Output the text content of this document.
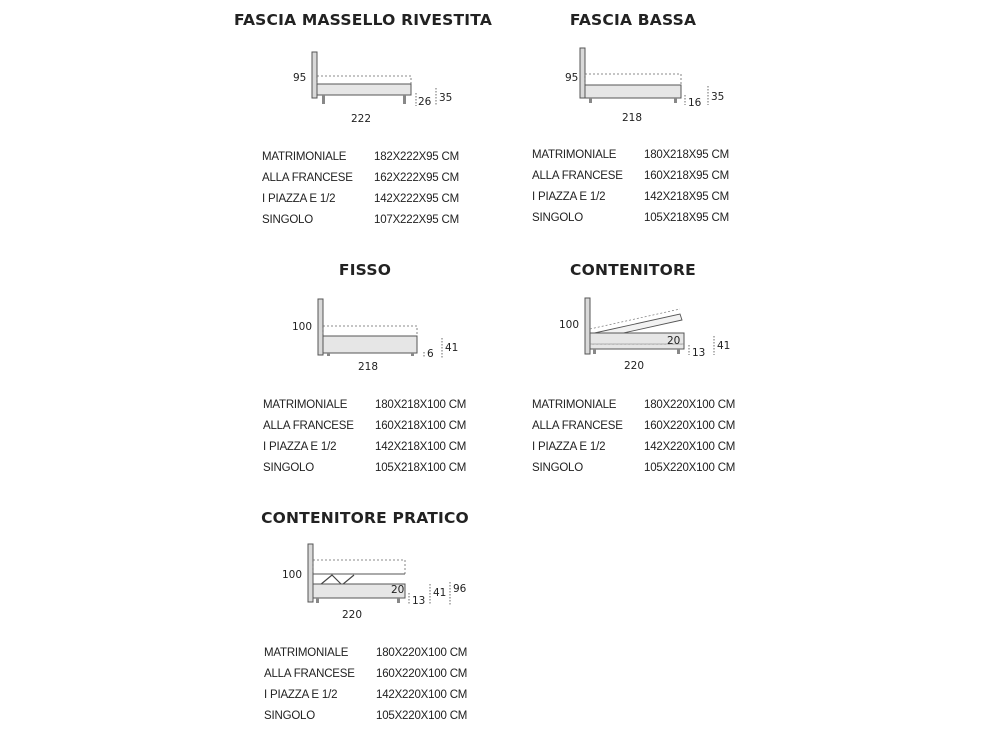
FASCIA MASSELLO RIVESTITA
95
222
26 35
MATRIMONIALE 182X222X95 CM
ALLA FRANCESE 162X222X95 CM
I PIAZZA E 1/2	142X222X95 CM
SINGOLO	107X222X95 CM
FASCIA BASSA
95
218
16 35
MATRIMONIALE 180X218X95 CM
ALLA FRANCESE 160X218X95 CM
I PIAZZA E 1/2	142X218X95 CM
SINGOLO	105X218X95 CM
FISSO
100
218
6 41
MATRIMONIALE 180X218X100 CM
ALLA FRANCESE 160X218X100 CM
I PIAZZA E 1/2	142X218X100 CM
SINGOLO	105X218X100 CM
CONTENITORE
100
20
220
13
41
MATRIMONIALE 180X220X100 CM
ALLA FRANCESE 160X220X100 CM
I PIAZZA E 1/2	142X220X100 CM
SINGOLO	105X220X100 CM
CONTENITORE PRATICO
100
20
220
13
41 96
MATRIMONIALE 180X220X100 CM
ALLA FRANCESE 160X220X100 CM
I PIAZZA E 1/2	142X220X100 CM
SINGOLO	105X220X100 CM
